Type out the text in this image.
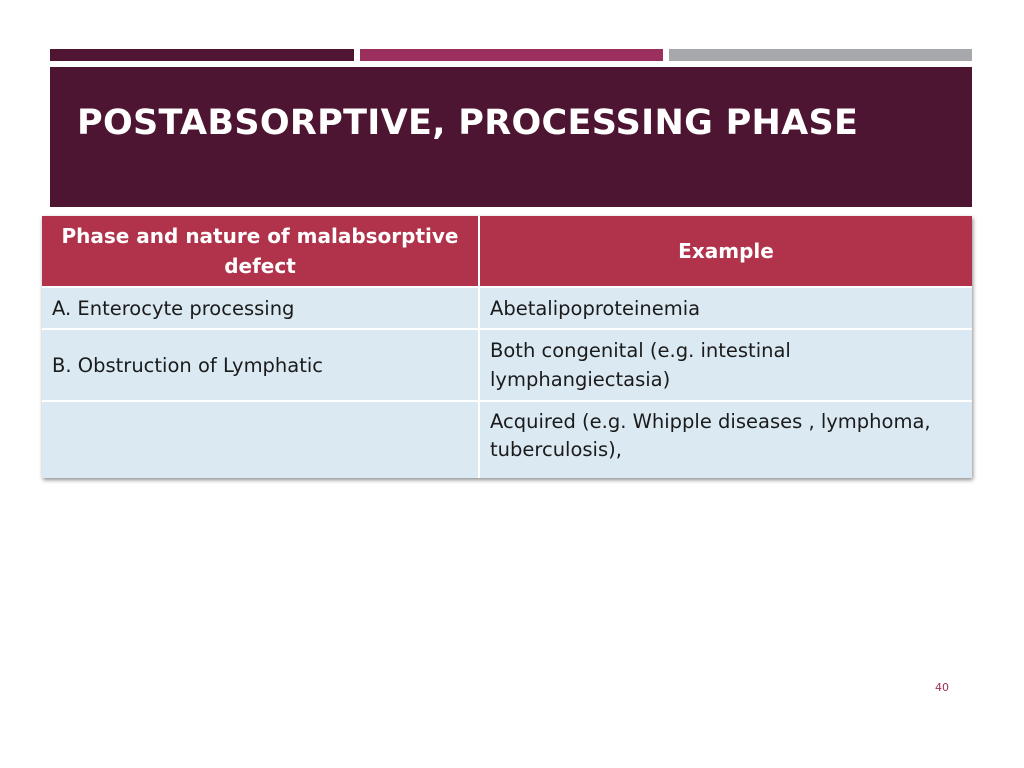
POSTABSORPTIVE, PROCESSING PHASE
Phase and nature of malabsorptive defect	Example
A. Enterocyte processing	Abetalipoproteinemia
B. Obstruction of Lymphatic	Both congenital (e.g. intestinal lymphangiectasia)
	Acquired (e.g. Whipple diseases , lymphoma, tuberculosis),
40
